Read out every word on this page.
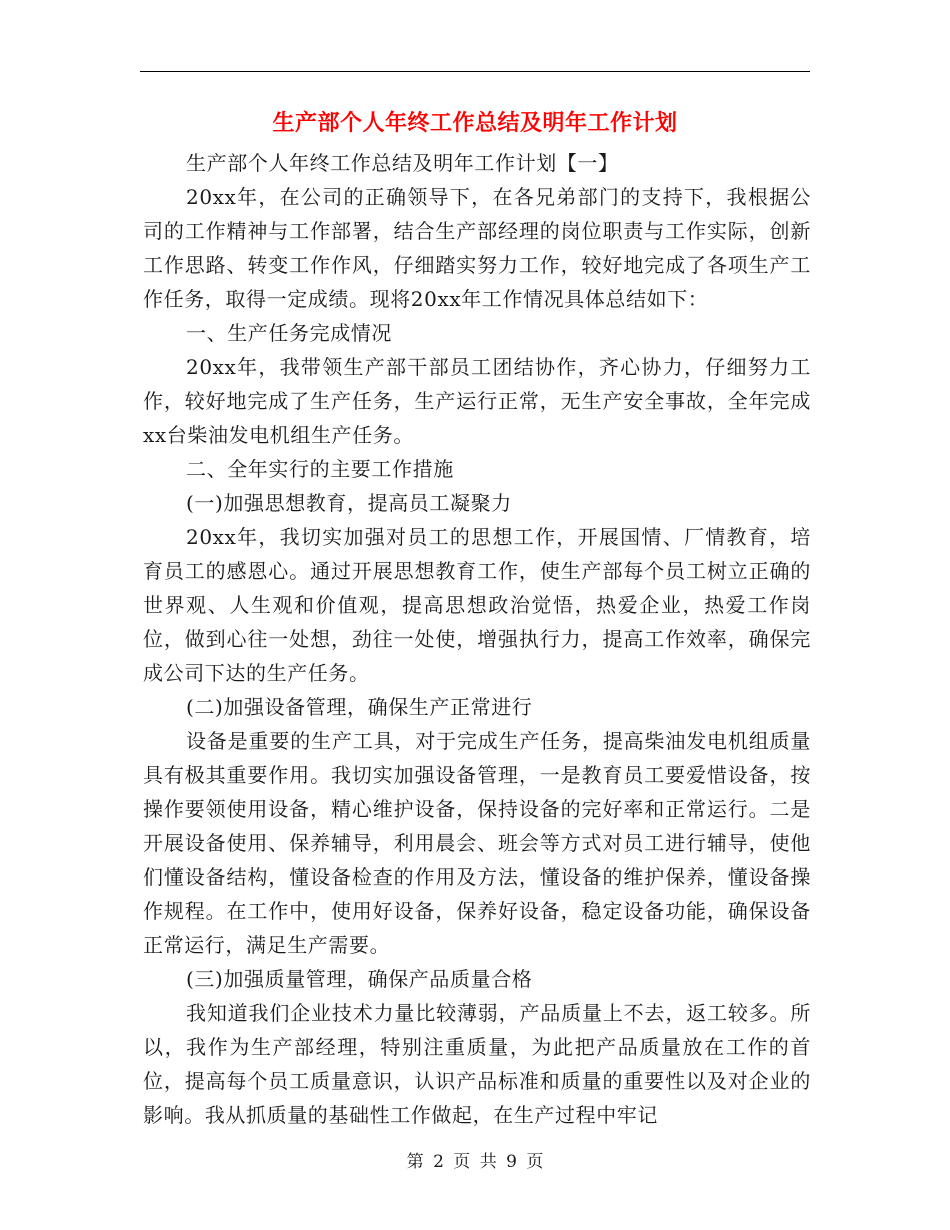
生产部个人年终工作总结及明年工作计划

生产部个人年终工作总结及明年工作计划【一】

20xx年，在公司的正确领导下，在各兄弟部门的支持下，我根据公司的工作精神与工作部署，结合生产部经理的岗位职责与工作实际，创新工作思路、转变工作作风，仔细踏实努力工作，较好地完成了各项生产工作任务，取得一定成绩。现将20xx年工作情况具体总结如下：

一、生产任务完成情况

20xx年，我带领生产部干部员工团结协作，齐心协力，仔细努力工作，较好地完成了生产任务，生产运行正常，无生产安全事故，全年完成xx台柴油发电机组生产任务。

二、全年实行的主要工作措施

(一)加强思想教育，提高员工凝聚力

20xx年，我切实加强对员工的思想工作，开展国情、厂情教育，培育员工的感恩心。通过开展思想教育工作，使生产部每个员工树立正确的世界观、人生观和价值观，提高思想政治觉悟，热爱企业，热爱工作岗位，做到心往一处想，劲往一处使，增强执行力，提高工作效率，确保完成公司下达的生产任务。

(二)加强设备管理，确保生产正常进行

设备是重要的生产工具，对于完成生产任务，提高柴油发电机组质量具有极其重要作用。我切实加强设备管理，一是教育员工要爱惜设备，按操作要领使用设备，精心维护设备，保持设备的完好率和正常运行。二是开展设备使用、保养辅导，利用晨会、班会等方式对员工进行辅导，使他们懂设备结构，懂设备检查的作用及方法，懂设备的维护保养，懂设备操作规程。在工作中，使用好设备，保养好设备，稳定设备功能，确保设备正常运行，满足生产需要。

(三)加强质量管理，确保产品质量合格

我知道我们企业技术力量比较薄弱，产品质量上不去，返工较多。所以，我作为生产部经理，特别注重质量，为此把产品质量放在工作的首位，提高每个员工质量意识，认识产品标准和质量的重要性以及对企业的影响。我从抓质量的基础性工作做起，在生产过程中牢记

第 2 页 共 9 页
